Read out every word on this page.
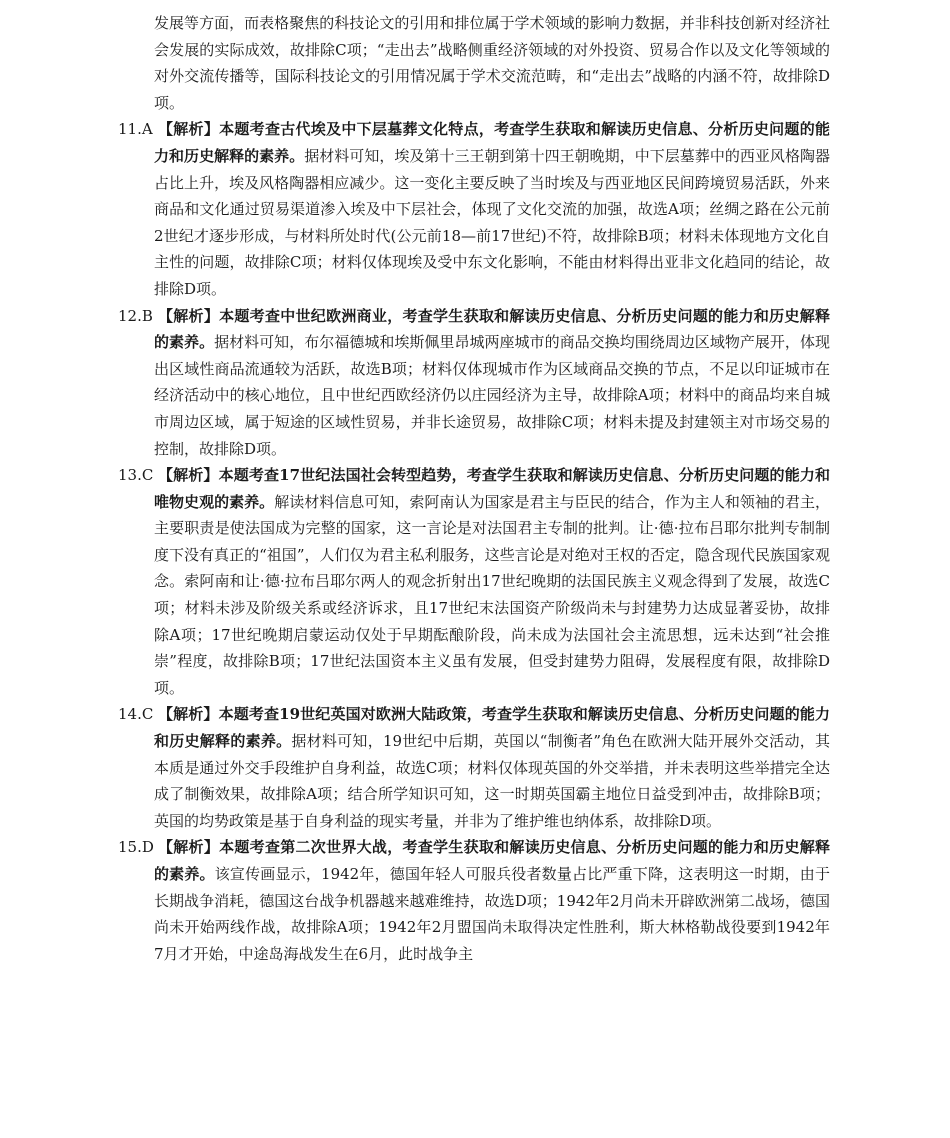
发展等方面，而表格聚焦的科技论文的引用和排位属于学术领域的影响力数据，并非科技创新对经济社会发展的实际成效，故排除C项；“走出去”战略侧重经济领域的对外投资、贸易合作以及文化等领域的对外交流传播等，国际科技论文的引用情况属于学术交流范畴，和“走出去”战略的内涵不符，故排除D项。

11.A 【解析】本题考查古代埃及中下层墓葬文化特点，考查学生获取和解读历史信息、分析历史问题的能力和历史解释的素养。据材料可知，埃及第十三王朝到第十四王朝晚期，中下层墓葬中的西亚风格陶器占比上升，埃及风格陶器相应减少。这一变化主要反映了当时埃及与西亚地区民间跨境贸易活跃，外来商品和文化通过贸易渠道渗入埃及中下层社会，体现了文化交流的加强，故选A项；丝绸之路在公元前2世纪才逐步形成，与材料所处时代(公元前18—前17世纪)不符，故排除B项；材料未体现地方文化自主性的问题，故排除C项；材料仅体现埃及受中东文化影响，不能由材料得出亚非文化趋同的结论，故排除D项。
12.B 【解析】本题考查中世纪欧洲商业，考查学生获取和解读历史信息、分析历史问题的能力和历史解释的素养。据材料可知，布尔福德城和埃斯佩里昂城两座城市的商品交换均围绕周边区域物产展开，体现出区域性商品流通较为活跃，故选B项；材料仅体现城市作为区域商品交换的节点，不足以印证城市在经济活动中的核心地位，且中世纪西欧经济仍以庄园经济为主导，故排除A项；材料中的商品均来自城市周边区域，属于短途的区域性贸易，并非长途贸易，故排除C项；材料未提及封建领主对市场交易的控制，故排除D项。
13.C 【解析】本题考查17世纪法国社会转型趋势，考查学生获取和解读历史信息、分析历史问题的能力和唯物史观的素养。解读材料信息可知，索阿南认为国家是君主与臣民的结合，作为主人和领袖的君主，主要职责是使法国成为完整的国家，这一言论是对法国君主专制的批判。让·德·拉布吕耶尔批判专制制度下没有真正的“祖国”，人们仅为君主私利服务，这些言论是对绝对王权的否定，隐含现代民族国家观念。索阿南和让·德·拉布吕耶尔两人的观念折射出17世纪晚期的法国民族主义观念得到了发展，故选C项；材料未涉及阶级关系或经济诉求，且17世纪末法国资产阶级尚未与封建势力达成显著妥协，故排除A项；17世纪晚期启蒙运动仅处于早期酝酿阶段，尚未成为法国社会主流思想，远未达到“社会推崇”程度，故排除B项；17世纪法国资本主义虽有发展，但受封建势力阻碍，发展程度有限，故排除D项。
14.C 【解析】本题考查19世纪英国对欧洲大陆政策，考查学生获取和解读历史信息、分析历史问题的能力和历史解释的素养。据材料可知，19世纪中后期，英国以“制衡者”角色在欧洲大陆开展外交活动，其本质是通过外交手段维护自身利益，故选C项；材料仅体现英国的外交举措，并未表明这些举措完全达成了制衡效果，故排除A项；结合所学知识可知，这一时期英国霸主地位日益受到冲击，故排除B项；英国的均势政策是基于自身利益的现实考量，并非为了维护维也纳体系，故排除D项。
15.D 【解析】本题考查第二次世界大战，考查学生获取和解读历史信息、分析历史问题的能力和历史解释的素养。该宣传画显示，1942年，德国年轻人可服兵役者数量占比严重下降，这表明这一时期，由于长期战争消耗，德国这台战争机器越来越难维持，故选D项；1942年2月尚未开辟欧洲第二战场，德国尚未开始两线作战，故排除A项；1942年2月盟国尚未取得决定性胜利，斯大林格勒战役要到1942年7月才开始，中途岛海战发生在6月，此时战争主
